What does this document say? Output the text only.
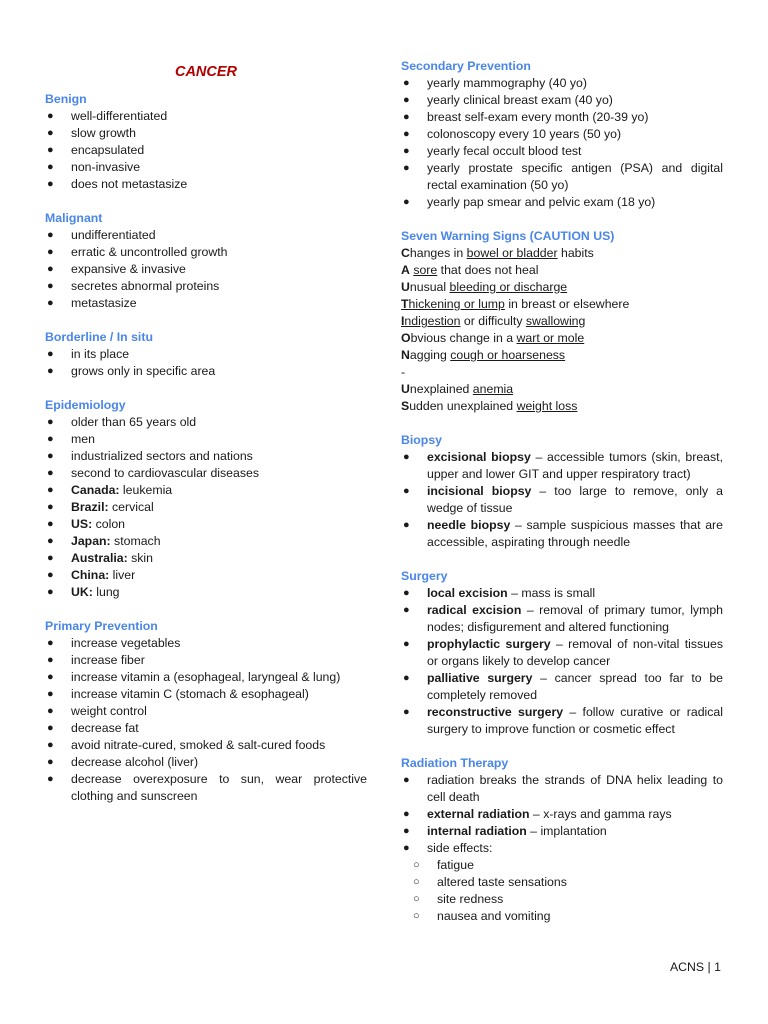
CANCER
Benign
● well-differentiated
● slow growth
● encapsulated
● non-invasive
● does not metastasize
Malignant
● undifferentiated
● erratic & uncontrolled growth
● expansive & invasive
● secretes abnormal proteins
● metastasize
Borderline / In situ
● in its place
● grows only in specific area
Epidemiology
● older than 65 years old
● men
● industrialized sectors and nations
● second to cardiovascular diseases
● Canada: leukemia
● Brazil: cervical
● US: colon
● Japan: stomach
● Australia: skin
● China: liver
● UK: lung
Primary Prevention
● increase vegetables
● increase fiber
● increase vitamin a (esophageal, laryngeal & lung)
● increase vitamin C (stomach & esophageal)
● weight control
● decrease fat
● avoid nitrate-cured, smoked & salt-cured foods
● decrease alcohol (liver)
● decrease overexposure to sun, wear protective clothing and sunscreen
Secondary Prevention
● yearly mammography (40 yo)
● yearly clinical breast exam (40 yo)
● breast self-exam every month (20-39 yo)
● colonoscopy every 10 years (50 yo)
● yearly fecal occult blood test
● yearly prostate specific antigen (PSA) and digital rectal examination (50 yo)
● yearly pap smear and pelvic exam (18 yo)
Seven Warning Signs (CAUTION US)
Changes in bowel or bladder habits
A sore that does not heal
Unusual bleeding or discharge
Thickening or lump in breast or elsewhere
Indigestion or difficulty swallowing
Obvious change in a wart or mole
Nagging cough or hoarseness
-
Unexplained anemia
Sudden unexplained weight loss
Biopsy
● excisional biopsy – accessible tumors (skin, breast, upper and lower GIT and upper respiratory tract)
● incisional biopsy – too large to remove, only a wedge of tissue
● needle biopsy – sample suspicious masses that are accessible, aspirating through needle
Surgery
● local excision – mass is small
● radical excision – removal of primary tumor, lymph nodes; disfigurement and altered functioning
● prophylactic surgery – removal of non-vital tissues or organs likely to develop cancer
● palliative surgery – cancer spread too far to be completely removed
● reconstructive surgery – follow curative or radical surgery to improve function or cosmetic effect
Radiation Therapy
● radiation breaks the strands of DNA helix leading to cell death
● external radiation – x-rays and gamma rays
● internal radiation – implantation
● side effects:
○ fatigue
○ altered taste sensations
○ site redness
○ nausea and vomiting
ACNS | 1
